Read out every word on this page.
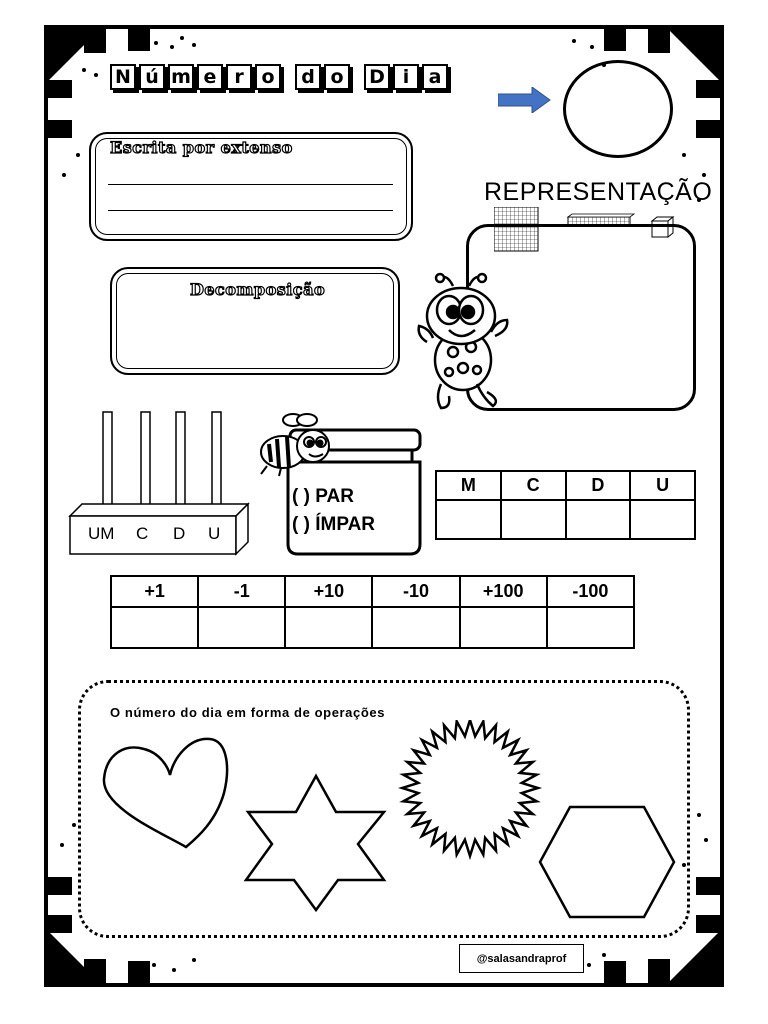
N ú m e r o	d o	D i	a
Escrita por extenso
Decomposição
REPRESENTAÇÃO
UM C D U
( ) PAR
( ) ÍMPAR
M	C	D	U

+1	-1	+10	-10	+100	-100

O número do dia em forma de operações
@salasandraprof
